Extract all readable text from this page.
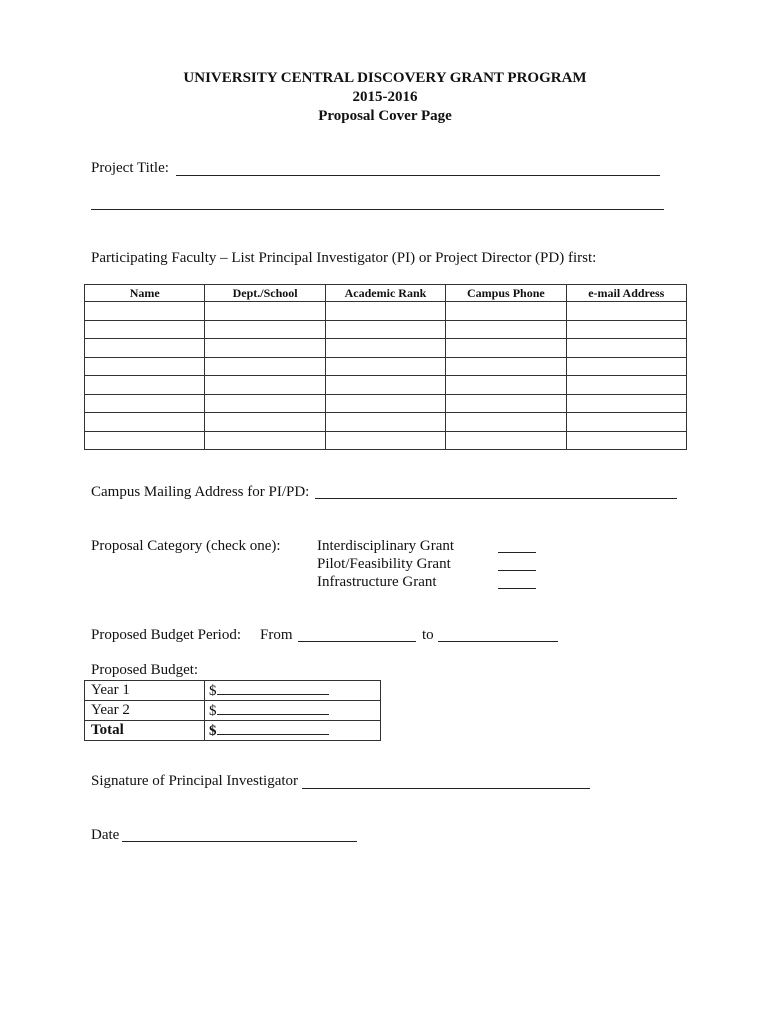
UNIVERSITY CENTRAL DISCOVERY GRANT PROGRAM
2015-2016
Proposal Cover Page
Project Title:
Participating Faculty – List Principal Investigator (PI) or Project Director (PD) first:
Name	Dept./School	Academic Rank	Campus Phone	e-mail Address

Campus Mailing Address for PI/PD:
Proposal Category (check one): Interdisciplinary Grant
Pilot/Feasibility Grant
Infrastructure Grant
Proposed Budget Period: From	to
Proposed Budget:
Year 1	$
Year 2	$
Total	$
Signature of Principal Investigator
Date
